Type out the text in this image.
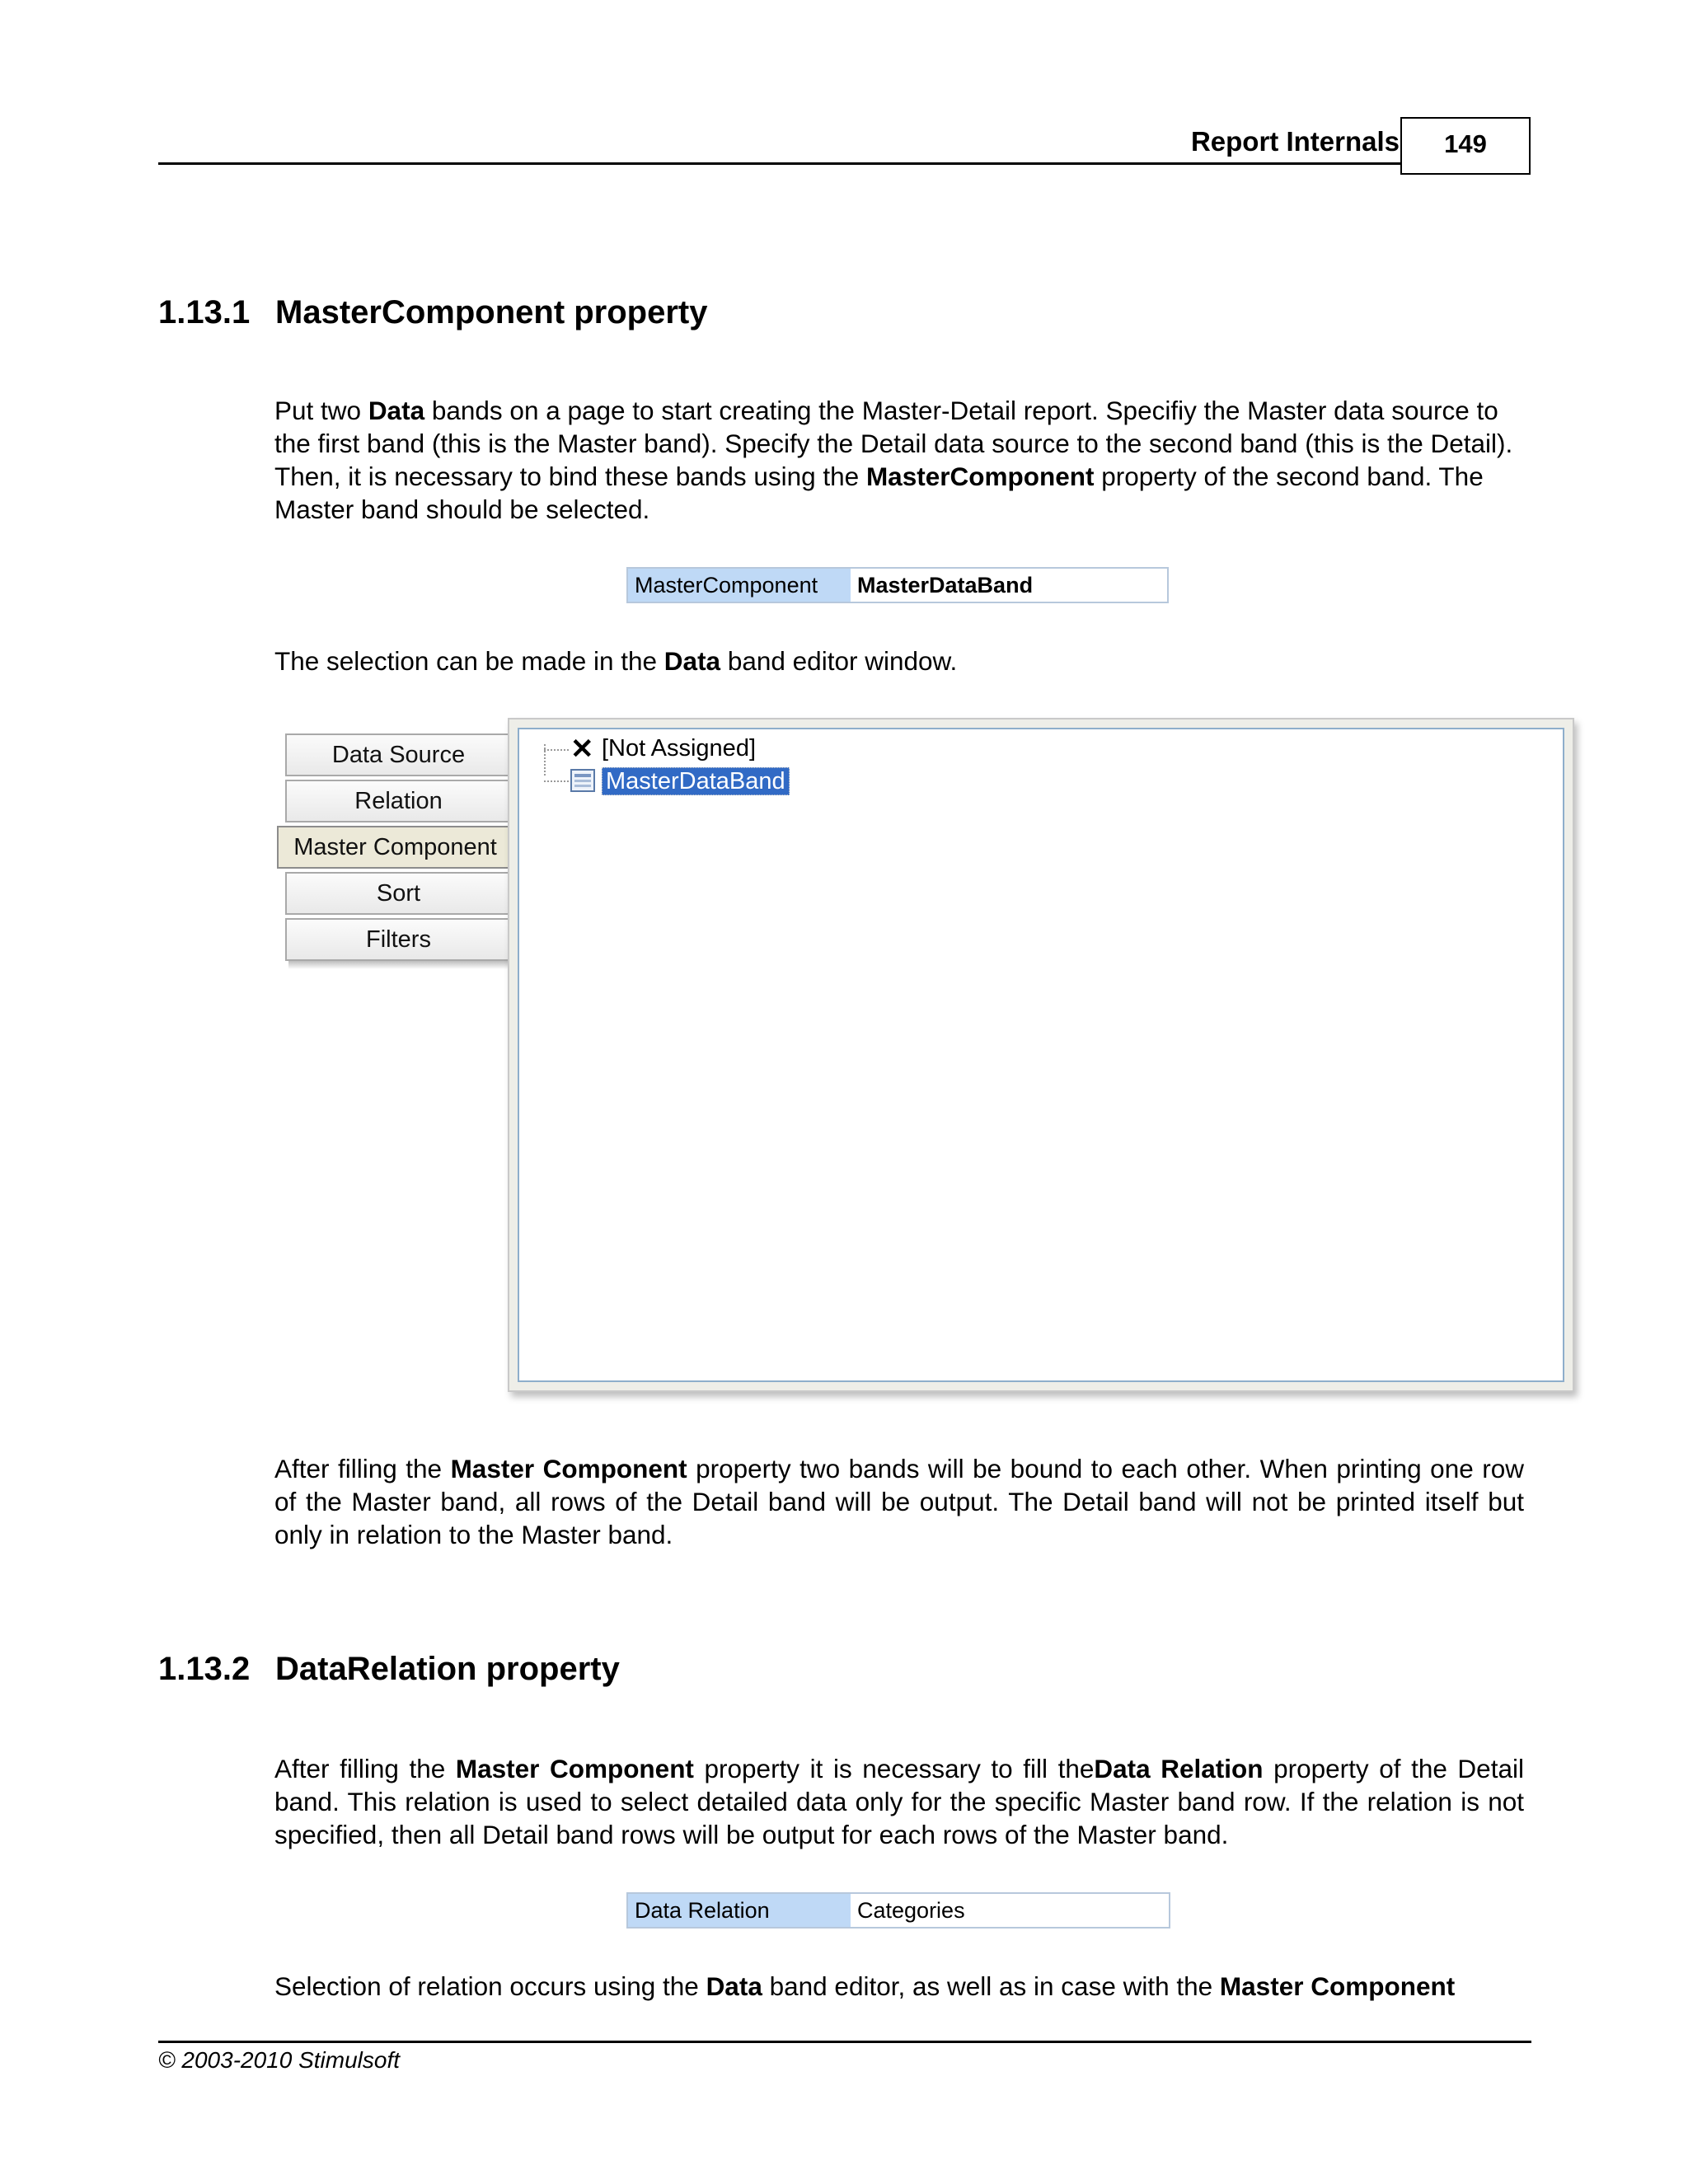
Report Internals	149
1.13.1 MasterComponent property
Put two Data bands on a page to start creating the Master-Detail report. Specifiy the Master data source to the first band (this is the Master band). Specify the Detail data source to the second band (this is the Detail). Then, it is necessary to bind these bands using the MasterComponent property of the second band. The Master band should be selected.
MasterComponent	MasterDataBand
The selection can be made in the Data band editor window.
Data Source
Relation
Master Component
Sort
Filters
✕ [Not Assigned]
MasterDataBand
After filling the Master Component property two bands will be bound to each other. When printing one row of the Master band, all rows of the Detail band will be output. The Detail band will not be printed itself but only in relation to the Master band.
1.13.2 DataRelation property
After filling the Master Component property it is necessary to fill theData Relation property of the Detail band. This relation is used to select detailed data only for the specific Master band row. If the relation is not specified, then all Detail band rows will be output for each rows of the Master band.
Data Relation	Categories
Selection of relation occurs using the Data band editor, as well as in case with the Master Component
© 2003-2010 Stimulsoft
